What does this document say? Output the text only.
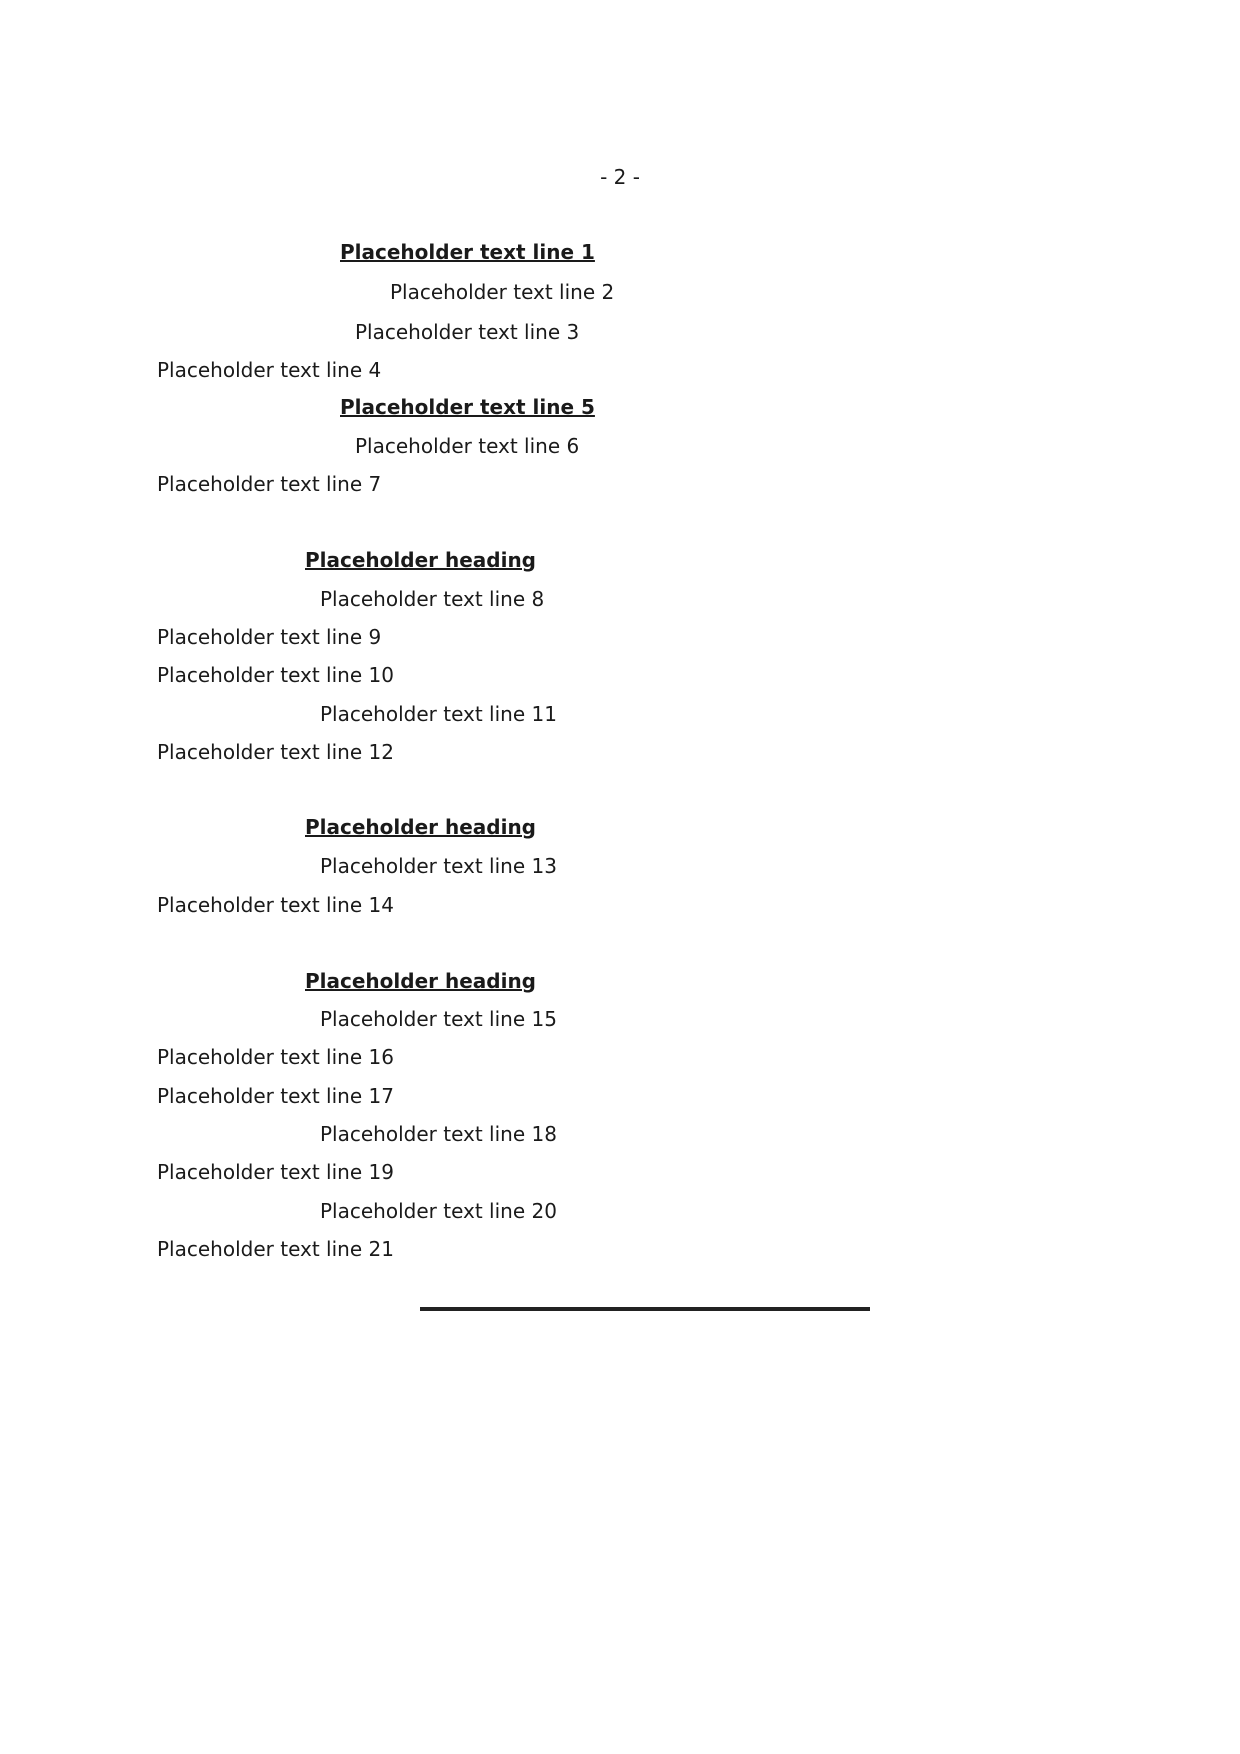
- 2 -
Placeholder text line 1
Placeholder text line 2
Placeholder text line 3
Placeholder text line 4
Placeholder text line 5
Placeholder text line 6
Placeholder text line 7
Placeholder heading
Placeholder text line 8
Placeholder text line 9
Placeholder text line 10
Placeholder text line 11
Placeholder text line 12
Placeholder heading
Placeholder text line 13
Placeholder text line 14
Placeholder heading
Placeholder text line 15
Placeholder text line 16
Placeholder text line 17
Placeholder text line 18
Placeholder text line 19
Placeholder text line 20
Placeholder text line 21
